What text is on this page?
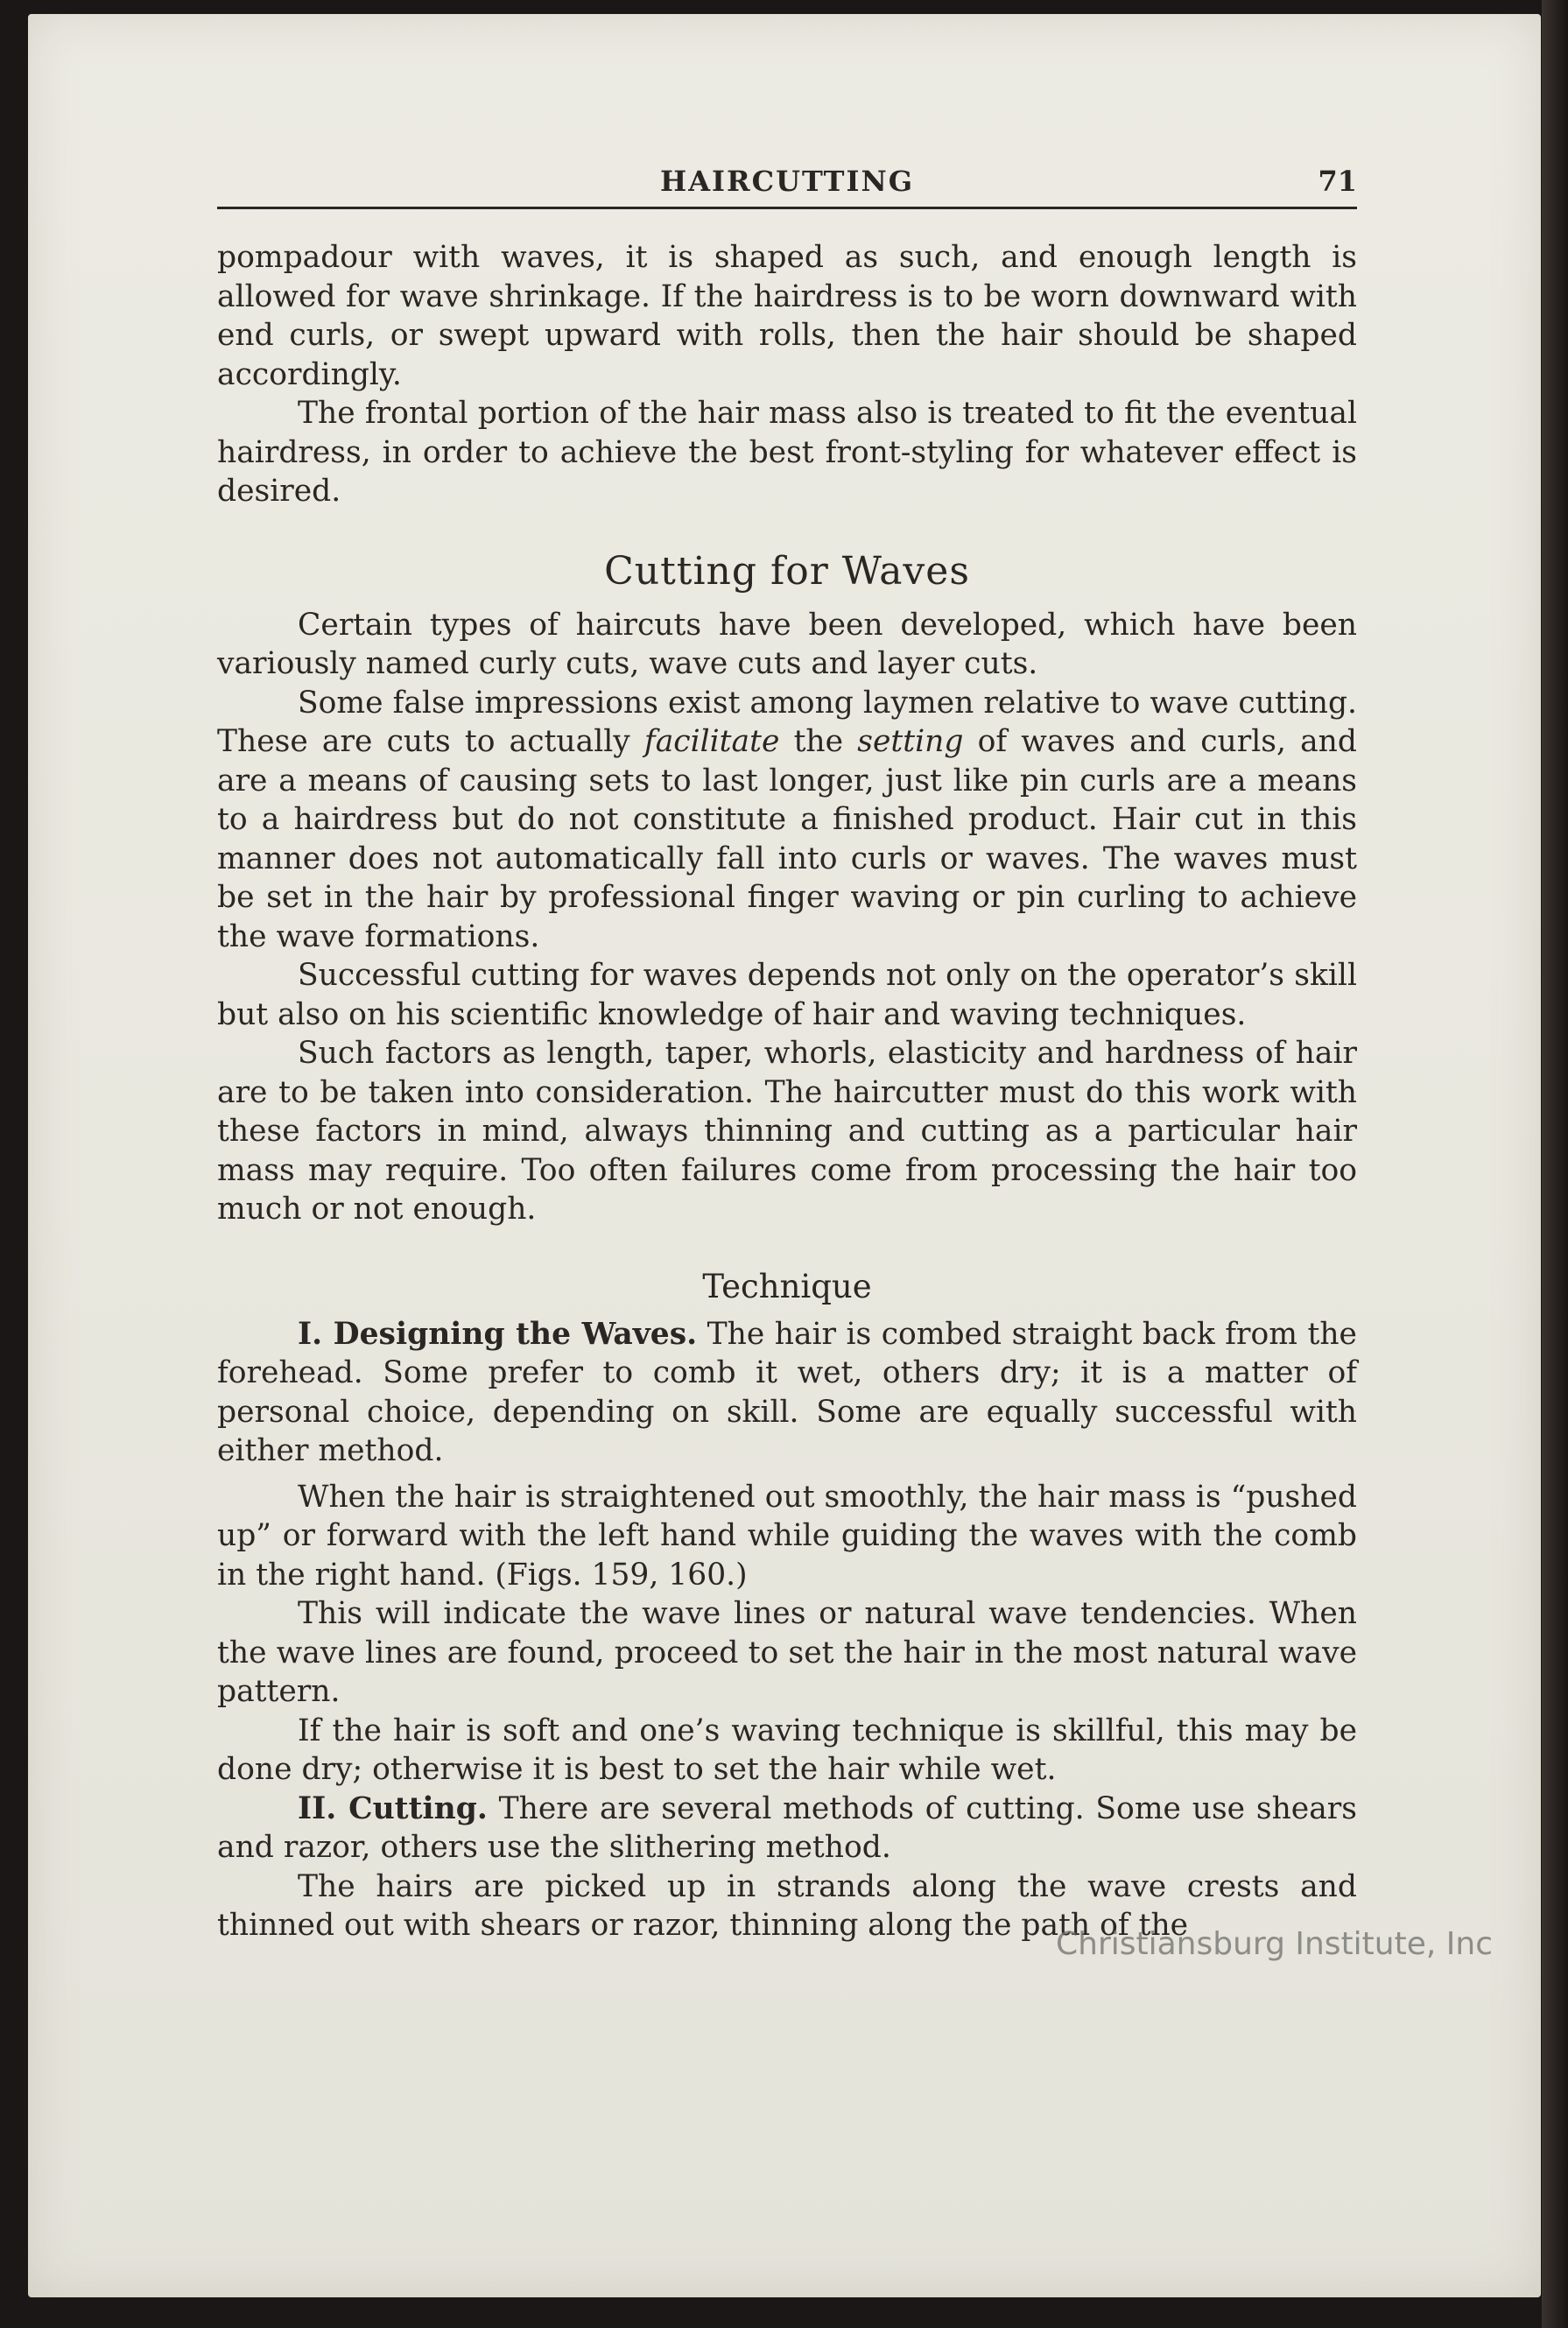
HAIRCUTTING	71

pompadour with waves, it is shaped as such, and enough length is allowed for wave shrinkage. If the hairdress is to be worn downward with end curls, or swept upward with rolls, then the hair should be shaped accordingly.

The frontal portion of the hair mass also is treated to fit the eventual hairdress, in order to achieve the best front-styling for whatever effect is desired.

Cutting for Waves

Certain types of haircuts have been developed, which have been variously named curly cuts, wave cuts and layer cuts.

Some false impressions exist among laymen relative to wave cutting. These are cuts to actually facilitate the setting of waves and curls, and are a means of causing sets to last longer, just like pin curls are a means to a hairdress but do not constitute a finished product. Hair cut in this manner does not automatically fall into curls or waves. The waves must be set in the hair by professional finger waving or pin curling to achieve the wave formations.

Successful cutting for waves depends not only on the operator’s skill but also on his scientific knowledge of hair and waving techniques.

Such factors as length, taper, whorls, elasticity and hardness of hair are to be taken into consideration. The haircutter must do this work with these factors in mind, always thinning and cutting as a particular hair mass may require. Too often failures come from processing the hair too much or not enough.

Technique

I. Designing the Waves. The hair is combed straight back from the forehead. Some prefer to comb it wet, others dry; it is a matter of personal choice, depending on skill. Some are equally successful with either method.

When the hair is straightened out smoothly, the hair mass is “pushed up” or forward with the left hand while guiding the waves with the comb in the right hand. (Figs. 159, 160.)

This will indicate the wave lines or natural wave tendencies. When the wave lines are found, proceed to set the hair in the most natural wave pattern.

If the hair is soft and one’s waving technique is skillful, this may be done dry; otherwise it is best to set the hair while wet.

II. Cutting. There are several methods of cutting. Some use shears and razor, others use the slithering method.

The hairs are picked up in strands along the wave crests and thinned out with shears or razor, thinning along the path of the

Christiansburg Institute, Inc
